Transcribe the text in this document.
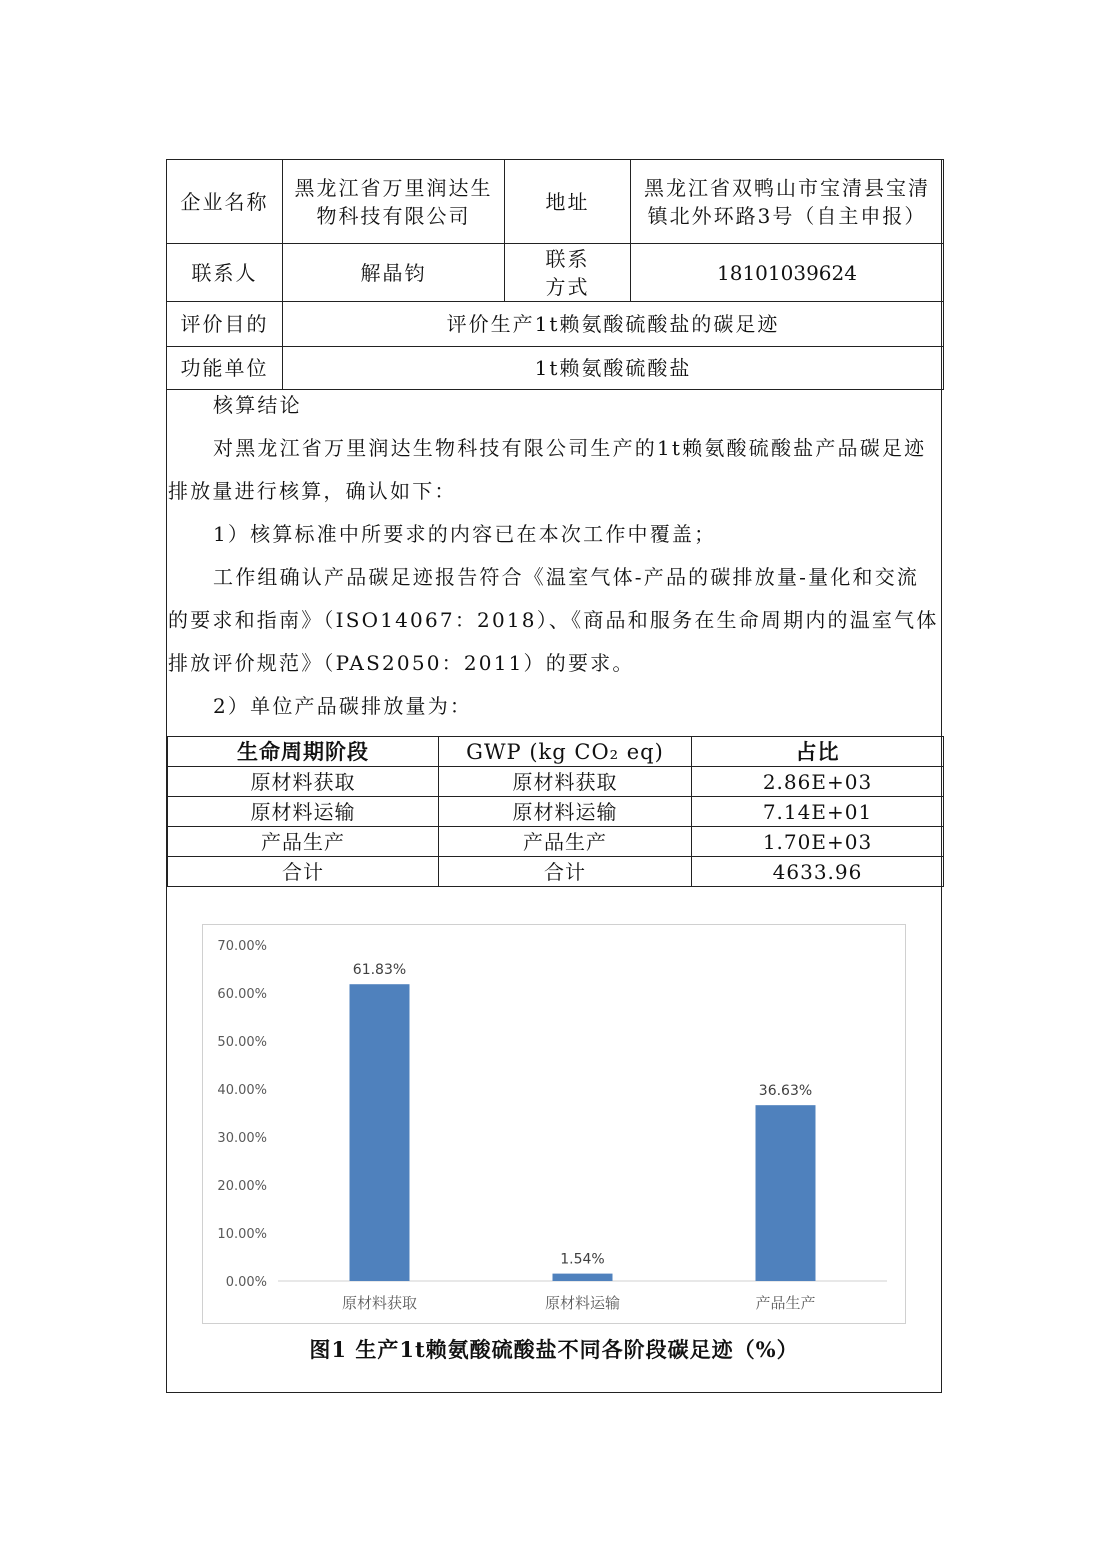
企业名称	黑龙江省万里润达生物科技有限公司	地址	黑龙江省双鸭山市宝清县宝清镇北外环路3号（自主申报）
联系人	解晶钧	联系方式	18101039624
评价目的	评价生产1t赖氨酸硫酸盐的碳足迹		
功能单位	1t赖氨酸硫酸盐		

核算结论

对黑龙江省万里润达生物科技有限公司生产的1t赖氨酸硫酸盐产品碳足迹排放量进行核算，确认如下：

1）核算标准中所要求的内容已在本次工作中覆盖；

工作组确认产品碳足迹报告符合《温室气体-产品的碳排放量-量化和交流的要求和指南》（ISO14067：2018）、《商品和服务在生命周期内的温室气体排放评价规范》（PAS2050：2011）的要求。

2）单位产品碳排放量为：

生命周期阶段	GWP (kg CO₂ eq)	占比
原材料获取	原材料获取	2.86E+03
原材料运输	原材料运输	7.14E+01
产品生产	产品生产	1.70E+03
合计	合计	4633.96
0.00%
10.00%
20.00%
30.00%
40.00%
50.00%
60.00%
70.00%
61.83%
原材料获取
1.54%
原材料运输
36.63%
产品生产
图1 生产1t赖氨酸硫酸盐不同各阶段碳足迹（%）
